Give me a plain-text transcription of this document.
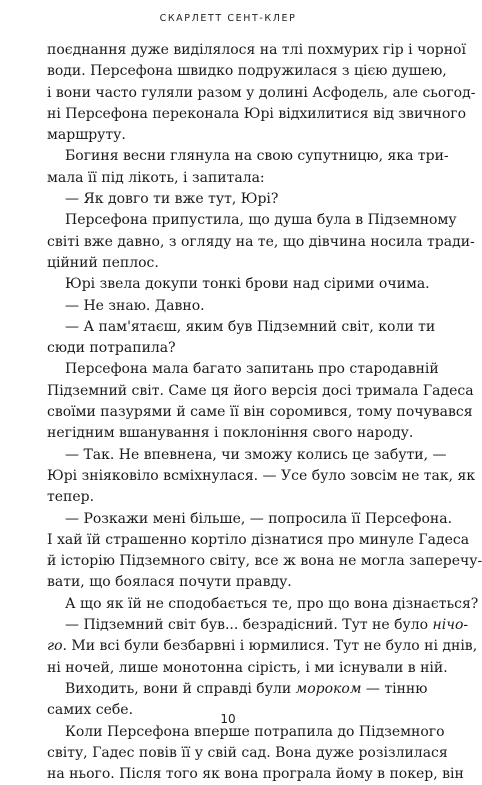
СКАРЛЕТТ СЕНТ-КЛЕР
поєднання дуже виділялося на тлі похмурих гір і чорної
води. Персефона швидко подружилася з цією душею,
і вони часто гуляли разом у долині Асфодель, але сьогод-
ні Персефона переконала Юрі відхилитися від звичного
маршруту.
Богиня весни глянула на свою супутницю, яка три-
мала її під лікоть, і запитала:
— Як довго ти вже тут, Юрі?
Персефона припустила, що душа була в Підземному
світі вже давно, з огляду на те, що дівчина носила тради-
ційний пеплос.
Юрі звела докупи тонкі брови над сірими очима.
— Не знаю. Давно.
— А пам'ятаєш, яким був Підземний світ, коли ти
сюди потрапила?
Персефона мала багато запитань про стародавній
Підземний світ. Саме ця його версія досі тримала Гадеса
своїми пазурями й саме її він соромився, тому почувався
негідним вшанування і поклоніння свого народу.
— Так. Не впевнена, чи зможу колись це забути, —
Юрі зніяковіло всміхнулася. — Усе було зовсім не так, як
тепер.
— Розкажи мені більше, — попросила її Персефона.
І хай їй страшенно кортіло дізнатися про минуле Гадеса
й історію Підземного світу, все ж вона не могла заперечу-
вати, що боялася почути правду.
А що як їй не сподобається те, про що вона дізнається?
— Підземний світ був... безрадісний. Тут не було нічо-
го. Ми всі були безбарвні і юрмилися. Тут не було ні днів,
ні ночей, лише монотонна сірість, і ми існували в ній.
Виходить, вони й справді були мороком — тінню
самих себе.
Коли Персефона вперше потрапила до Підземного
світу, Гадес повів її у свій сад. Вона дуже розізлилася
на нього. Після того як вона програла йому в покер, він
10
